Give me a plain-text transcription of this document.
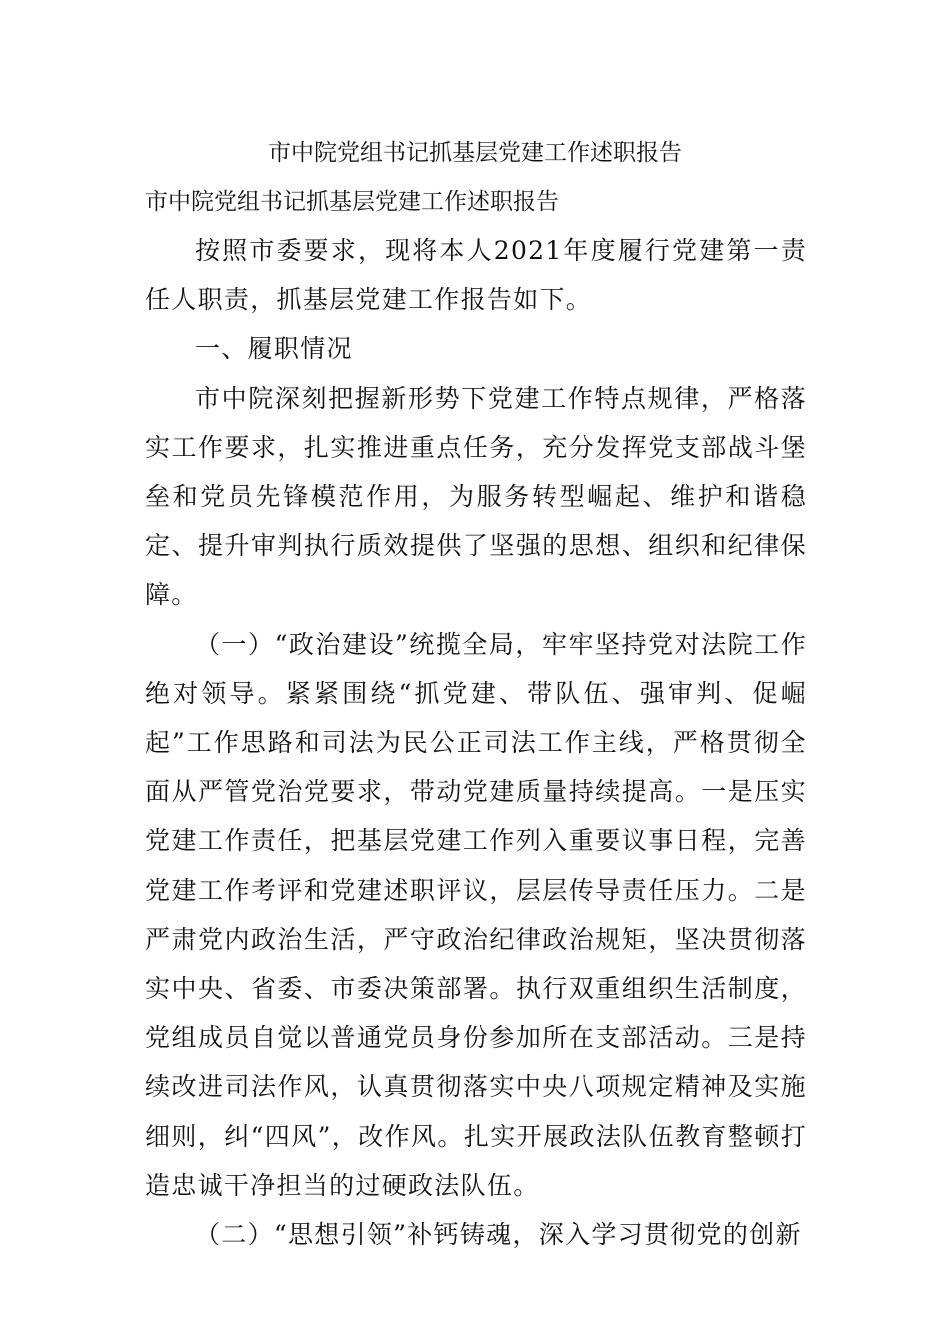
市中院党组书记抓基层党建工作述职报告
市中院党组书记抓基层党建工作述职报告

按照市委要求，现将本人2021年度履行党建第一责任人职责，抓基层党建工作报告如下。

一、履职情况

市中院深刻把握新形势下党建工作特点规律，严格落实工作要求，扎实推进重点任务，充分发挥党支部战斗堡垒和党员先锋模范作用，为服务转型崛起、维护和谐稳定、提升审判执行质效提供了坚强的思想、组织和纪律保障。

（一）“政治建设”统揽全局，牢牢坚持党对法院工作绝对领导。紧紧围绕“抓党建、带队伍、强审判、促崛起”工作思路和司法为民公正司法工作主线，严格贯彻全面从严管党治党要求，带动党建质量持续提高。一是压实党建工作责任，把基层党建工作列入重要议事日程，完善党建工作考评和党建述职评议，层层传导责任压力。二是严肃党内政治生活，严守政治纪律政治规矩，坚决贯彻落实中央、省委、市委决策部署。执行双重组织生活制度，党组成员自觉以普通党员身份参加所在支部活动。三是持续改进司法作风，认真贯彻落实中央八项规定精神及实施细则，纠“四风”，改作风。扎实开展政法队伍教育整顿打造忠诚干净担当的过硬政法队伍。

（二）“思想引领”补钙铸魂，深入学习贯彻党的创新
